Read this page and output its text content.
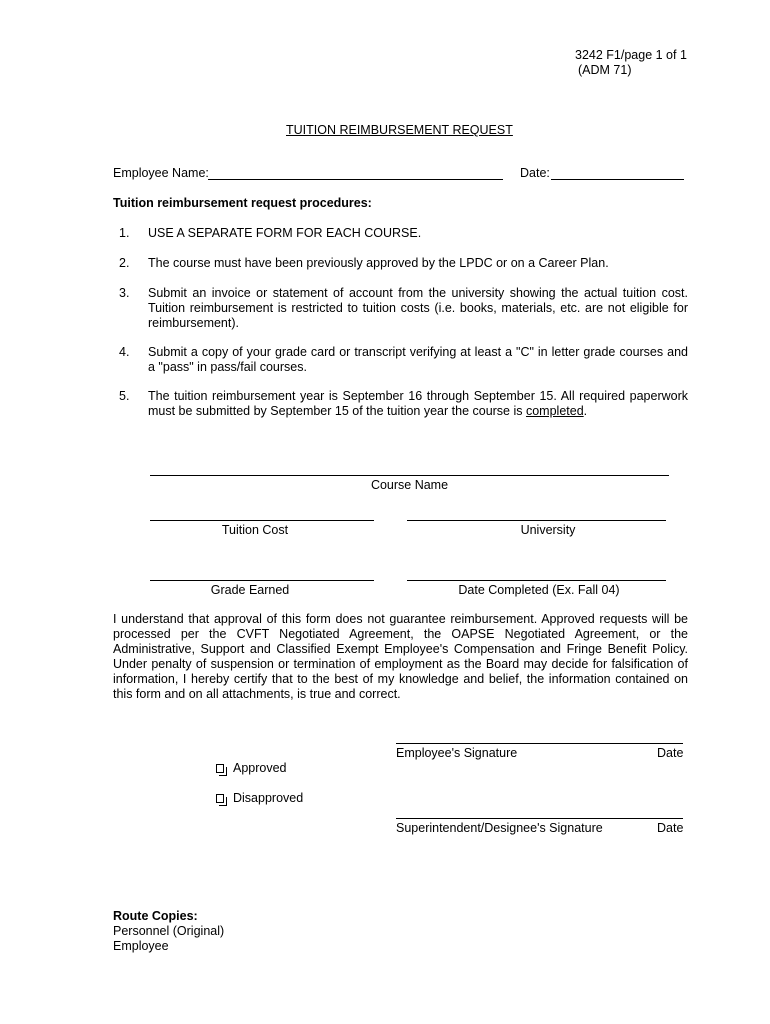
3242 F1/page 1 of 1
(ADM 71)
TUITION REIMBURSEMENT REQUEST
Employee Name:	Date:
Tuition reimbursement request procedures:
1.	USE A SEPARATE FORM FOR EACH COURSE.
2.	The course must have been previously approved by the LPDC or on a Career Plan.
3.	Submit an invoice or statement of account from the university showing the actual tuition cost.
Tuition reimbursement is restricted to tuition costs (i.e. books, materials, etc. are not eligible for
reimbursement).
4.	Submit a copy of your grade card or transcript verifying at least a "C" in letter grade courses and
a "pass" in pass/fail courses.
5.	The tuition reimbursement year is September 16 through September 15. All required paperwork
must be submitted by September 15 of the tuition year the course is completed.
Course Name
Tuition Cost	University
Grade Earned	Date Completed (Ex. Fall 04)
I understand that approval of this form does not guarantee reimbursement. Approved requests will be
processed per the CVFT Negotiated Agreement, the OAPSE Negotiated Agreement, or the
Administrative, Support and Classified Exempt Employee's Compensation and Fringe Benefit Policy.
Under penalty of suspension or termination of employment as the Board may decide for falsification of
information, I hereby certify that to the best of my knowledge and belief, the information contained on
this form and on all attachments, is true and correct.
Employee's Signature	Date
Superintendent/Designee's Signature	Date
Approved
Disapproved
Route Copies:
Personnel (Original)
Employee
